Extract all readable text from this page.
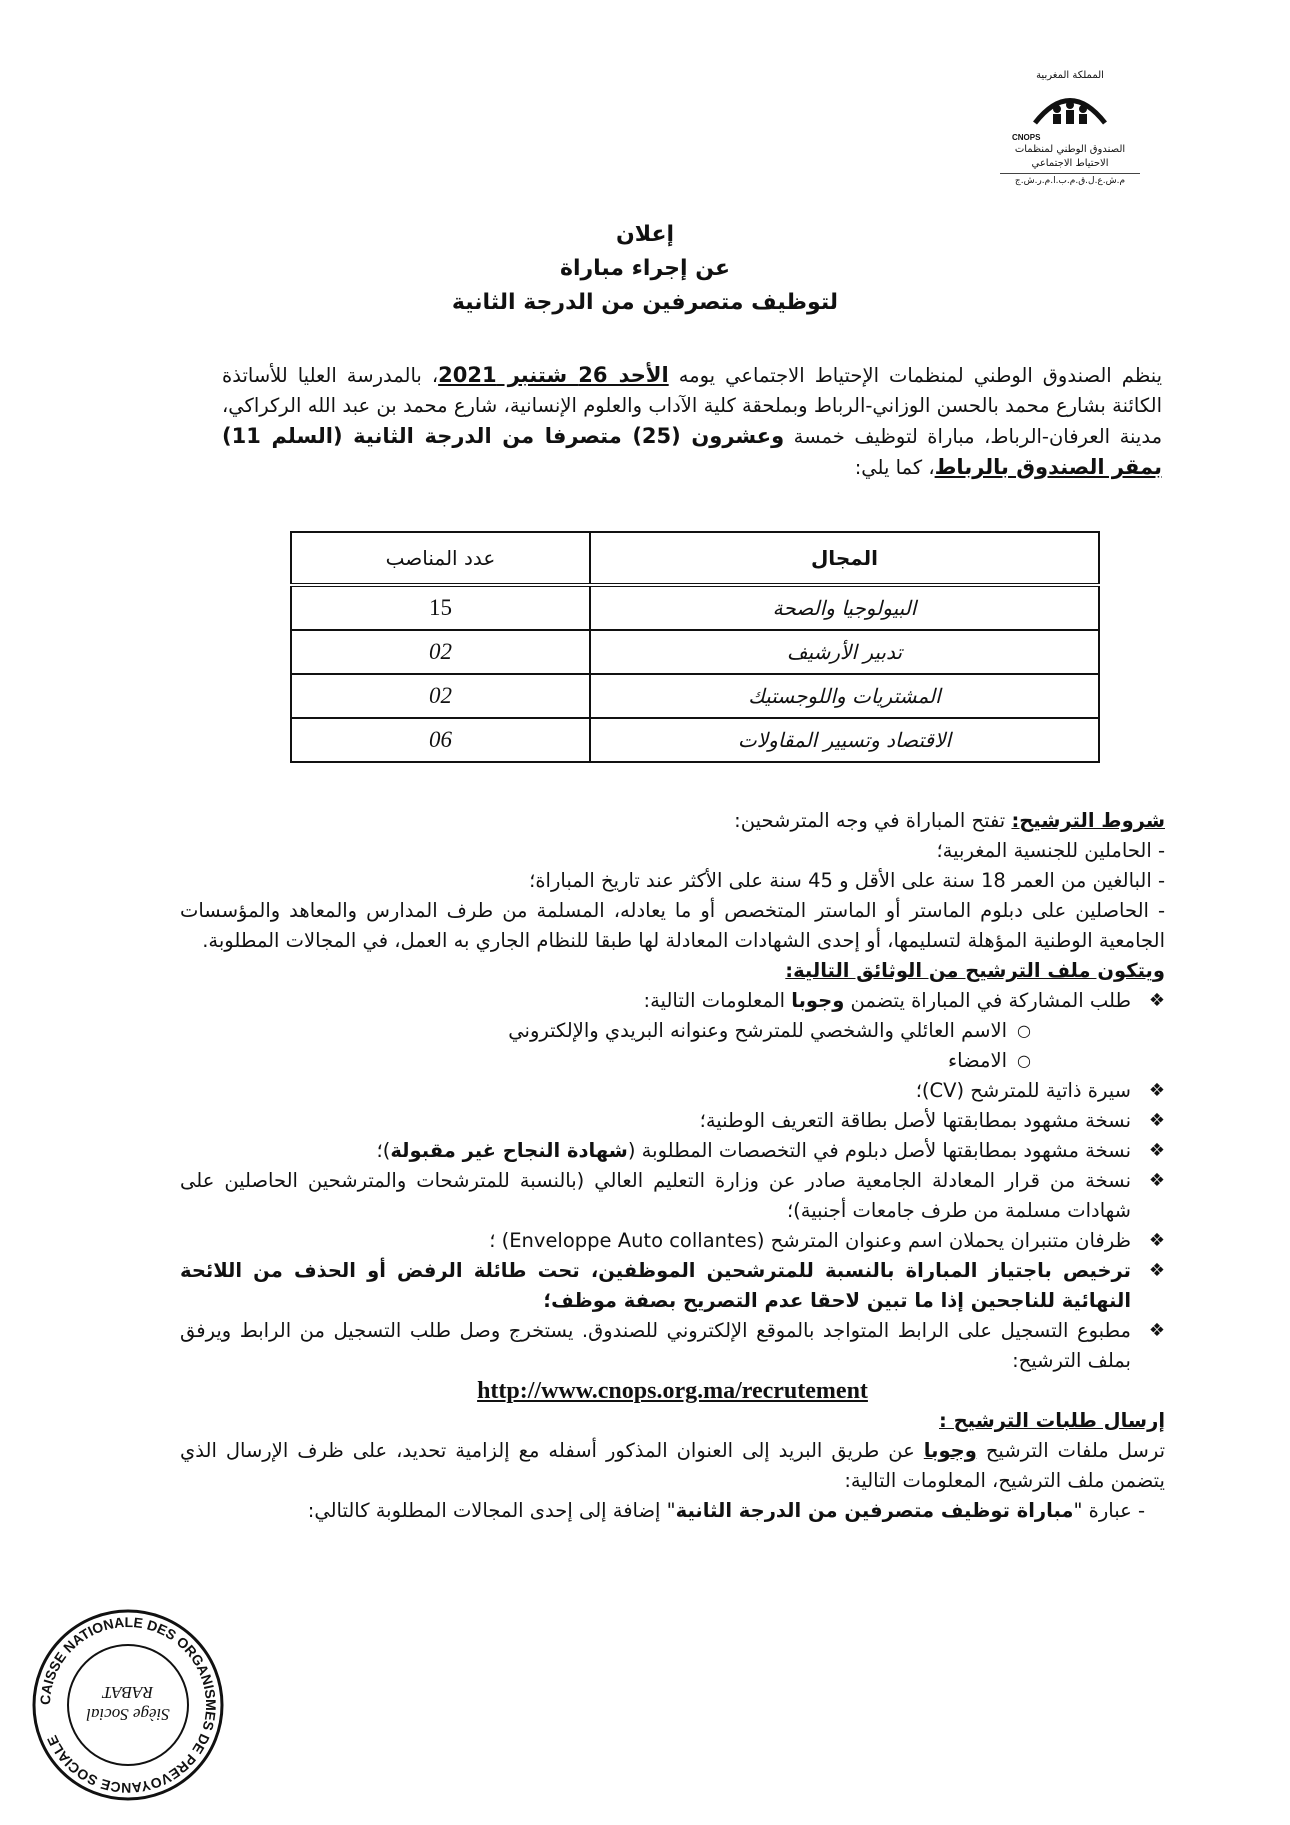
المملكة المغربية
CNOPS
الصندوق الوطني لمنظمات
الاحتياط الاجتماعي
م.ش.ع.ل.ق.م.ب.ا.م.ر.ش.ج
إعلان
عن إجراء مباراة
لتوظيف متصرفين من الدرجة الثانية
ينظم الصندوق الوطني لمنظمات الإحتياط الاجتماعي يومه الأحد 26 شتنبر 2021، بالمدرسة العليا للأساتذة الكائنة بشارع محمد بالحسن الوزاني-الرباط وبملحقة كلية الآداب والعلوم الإنسانية، شارع محمد بن عبد الله الركراكي، مدينة العرفان-الرباط، مباراة لتوظيف خمسة وعشرون (25) متصرفا من الدرجة الثانية (السلم 11) بمقر الصندوق بالرباط، كما يلي:
المجال	عدد المناصب
البيولوجيا والصحة	15
تدبير الأرشيف	02
المشتريات واللوجستيك	02
الاقتصاد وتسيير المقاولات	06

شروط الترشيح: تفتح المباراة في وجه المترشحين:

- الحاملين للجنسية المغربية؛

- البالغين من العمر 18 سنة على الأقل و 45 سنة على الأكثر عند تاريخ المباراة؛

- الحاصلين على دبلوم الماستر أو الماستر المتخصص أو ما يعادله، المسلمة من طرف المدارس والمعاهد والمؤسسات الجامعية الوطنية المؤهلة لتسليمها، أو إحدى الشهادات المعادلة لها طبقا للنظام الجاري به العمل، في المجالات المطلوبة.

ويتكون ملف الترشيح من الوثائق التالية:

❖
طلب المشاركة في المباراة يتضمن وجوبا المعلومات التالية:
○
الاسم العائلي والشخصي للمترشح وعنوانه البريدي والإلكتروني
○
الامضاء
❖
سيرة ذاتية للمترشح (CV)؛
❖
نسخة مشهود بمطابقتها لأصل بطاقة التعريف الوطنية؛
❖
نسخة مشهود بمطابقتها لأصل دبلوم في التخصصات المطلوبة (شهادة النجاح غير مقبولة)؛
❖
نسخة من قرار المعادلة الجامعية صادر عن وزارة التعليم العالي (بالنسبة للمترشحات والمترشحين الحاصلين على شهادات مسلمة من طرف جامعات أجنبية)؛
❖
ظرفان متنبران يحملان اسم وعنوان المترشح (Enveloppe Auto collantes) ؛
❖
ترخيص باجتياز المباراة بالنسبة للمترشحين الموظفين، تحت طائلة الرفض أو الحذف من اللائحة النهائية للناجحين إذا ما تبين لاحقا عدم التصريح بصفة موظف؛
❖
مطبوع التسجيل على الرابط المتواجد بالموقع الإلكتروني للصندوق. يستخرج وصل طلب التسجيل من الرابط ويرفق بملف الترشيح:
http://www.cnops.org.ma/recrutement

إرسال طلبات الترشيح :

ترسل ملفات الترشيح وجوبا عن طريق البريد إلى العنوان المذكور أسفله مع إلزامية تحديد، على ظرف الإرسال الذي يتضمن ملف الترشيح، المعلومات التالية:

- عبارة "مباراة توظيف متصرفين من الدرجة الثانية" إضافة إلى إحدى المجالات المطلوبة كالتالي:

CAISSE NATIONALE DES ORGANISMES DE PREVOYANCE SOCIALE
Siège Social
RABAT
